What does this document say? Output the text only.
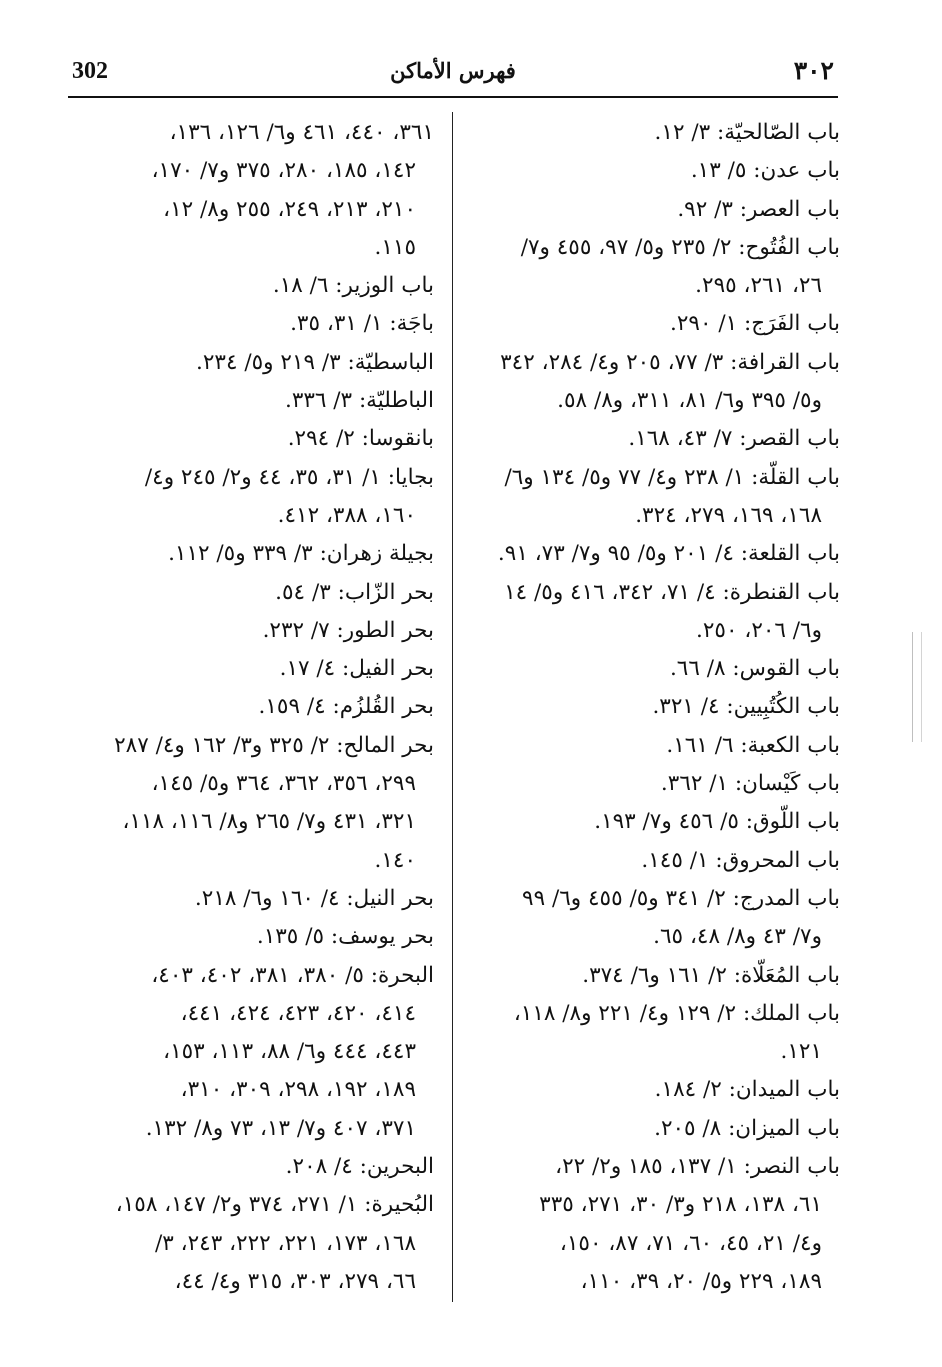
302	فهرس الأماكن	٣٠٢
باب الصّالحيّة: ٣/ ١٢.
باب عدن: ٥/ ١٣.
باب العصر: ٣/ ٩٢.
باب الفُتُوح: ٢/ ٢٣٥ و٥/ ٩٧، ٤٥٥ و٧/
٢٦، ٢٦١، ٢٩٥.
باب الفَرَج: ١/ ٢٩٠.
باب القرافة: ٣/ ٧٧، ٢٠٥ و٤/ ٢٨٤، ٣٤٢
و٥/ ٣٩٥ و٦/ ٨١، ٣١١، و٨/ ٥٨.
باب القصر: ٧/ ٤٣، ١٦٨.
باب القلّة: ١/ ٢٣٨ و٤/ ٧٧ و٥/ ١٣٤ و٦/
١٦٨، ١٦٩، ٢٧٩، ٣٢٤.
باب القلعة: ٤/ ٢٠١ و٥/ ٩٥ و٧/ ٧٣، ٩١.
باب القنطرة: ٤/ ٧١، ٣٤٢، ٤١٦ و٥/ ١٤
و٦/ ٢٠٦، ٢٥٠.
باب القوس: ٨/ ٦٦.
باب الكُتُبِيين: ٤/ ٣٢١.
باب الكعبة: ٦/ ١٦١.
باب كَيْسان: ١/ ٣٦٢.
باب اللّوق: ٥/ ٤٥٦ و٧/ ١٩٣.
باب المحروق: ١/ ١٤٥.
باب المدرج: ٢/ ٣٤١ و٥/ ٤٥٥ و٦/ ٩٩
و٧/ ٤٣ و٨/ ٤٨، ٦٥.
باب المُعَلّاة: ٢/ ١٦١ و٦/ ٣٧٤.
باب الملك: ٢/ ١٢٩ و٤/ ٢٢١ و٨/ ١١٨،
١٢١.
باب الميدان: ٢/ ١٨٤.
باب الميزان: ٨/ ٢٠٥.
باب النصر: ١/ ١٣٧، ١٨٥ و٢/ ٢٢،
٦١، ١٣٨، ٢١٨ و٣/ ٣٠، ٢٧١، ٣٣٥
و٤/ ٢١، ٤٥، ٦٠، ٧١، ٨٧، ١٥٠،
١٨٩، ٢٢٩ و٥/ ٢٠، ٣٩، ١١٠،
٣٦١، ٤٤٠، ٤٦١ و٦/ ١٢٦، ١٣٦،
١٤٢، ١٨٥، ٢٨٠، ٣٧٥ و٧/ ١٧٠،
٢١٠، ٢١٣، ٢٤٩، ٢٥٥ و٨/ ١٢،
١١٥.
باب الوزير: ٦/ ١٨.
باجَة: ١/ ٣١، ٣٥.
الباسطيّة: ٣/ ٢١٩ و٥/ ٢٣٤.
الباطليّة: ٣/ ٣٣٦.
بانقوسا: ٢/ ٢٩٤.
بجايا: ١/ ٣١، ٣٥، ٤٤ و٢/ ٢٤٥ و٤/
١٦٠، ٣٨٨، ٤١٢.
بجيلة زهران: ٣/ ٣٣٩ و٥/ ١١٢.
بحر الزّاب: ٣/ ٥٤.
بحر الطور: ٧/ ٢٣٢.
بحر الفيل: ٤/ ١٧.
بحر القُلزُم: ٤/ ١٥٩.
بحر المالح: ٢/ ٣٢٥ و٣/ ١٦٢ و٤/ ٢٨٧
٢٩٩، ٣٥٦، ٣٦٢، ٣٦٤ و٥/ ١٤٥،
٣٢١، ٤٣١ و٧/ ٢٦٥ و٨/ ١١٦، ١١٨،
١٤٠.
بحر النيل: ٤/ ١٦٠ و٦/ ٢١٨.
بحر يوسف: ٥/ ١٣٥.
البحرة: ٥/ ٣٨٠، ٣٨١، ٤٠٢، ٤٠٣،
٤١٤، ٤٢٠، ٤٢٣، ٤٢٤، ٤٤١،
٤٤٣، ٤٤٤ و٦/ ٨٨، ١١٣، ١٥٣،
١٨٩، ١٩٢، ٢٩٨، ٣٠٩، ٣١٠،
٣٧١، ٤٠٧ و٧/ ١٣، ٧٣ و٨/ ١٣٢.
البحرين: ٤/ ٢٠٨.
البُحيرة: ١/ ٢٧١، ٣٧٤ و٢/ ١٤٧، ١٥٨،
١٦٨، ١٧٣، ٢٢١، ٢٢٢، ٢٤٣، ٣/
٦٦، ٢٧٩، ٣٠٣، ٣١٥ و٤/ ٤٤،
